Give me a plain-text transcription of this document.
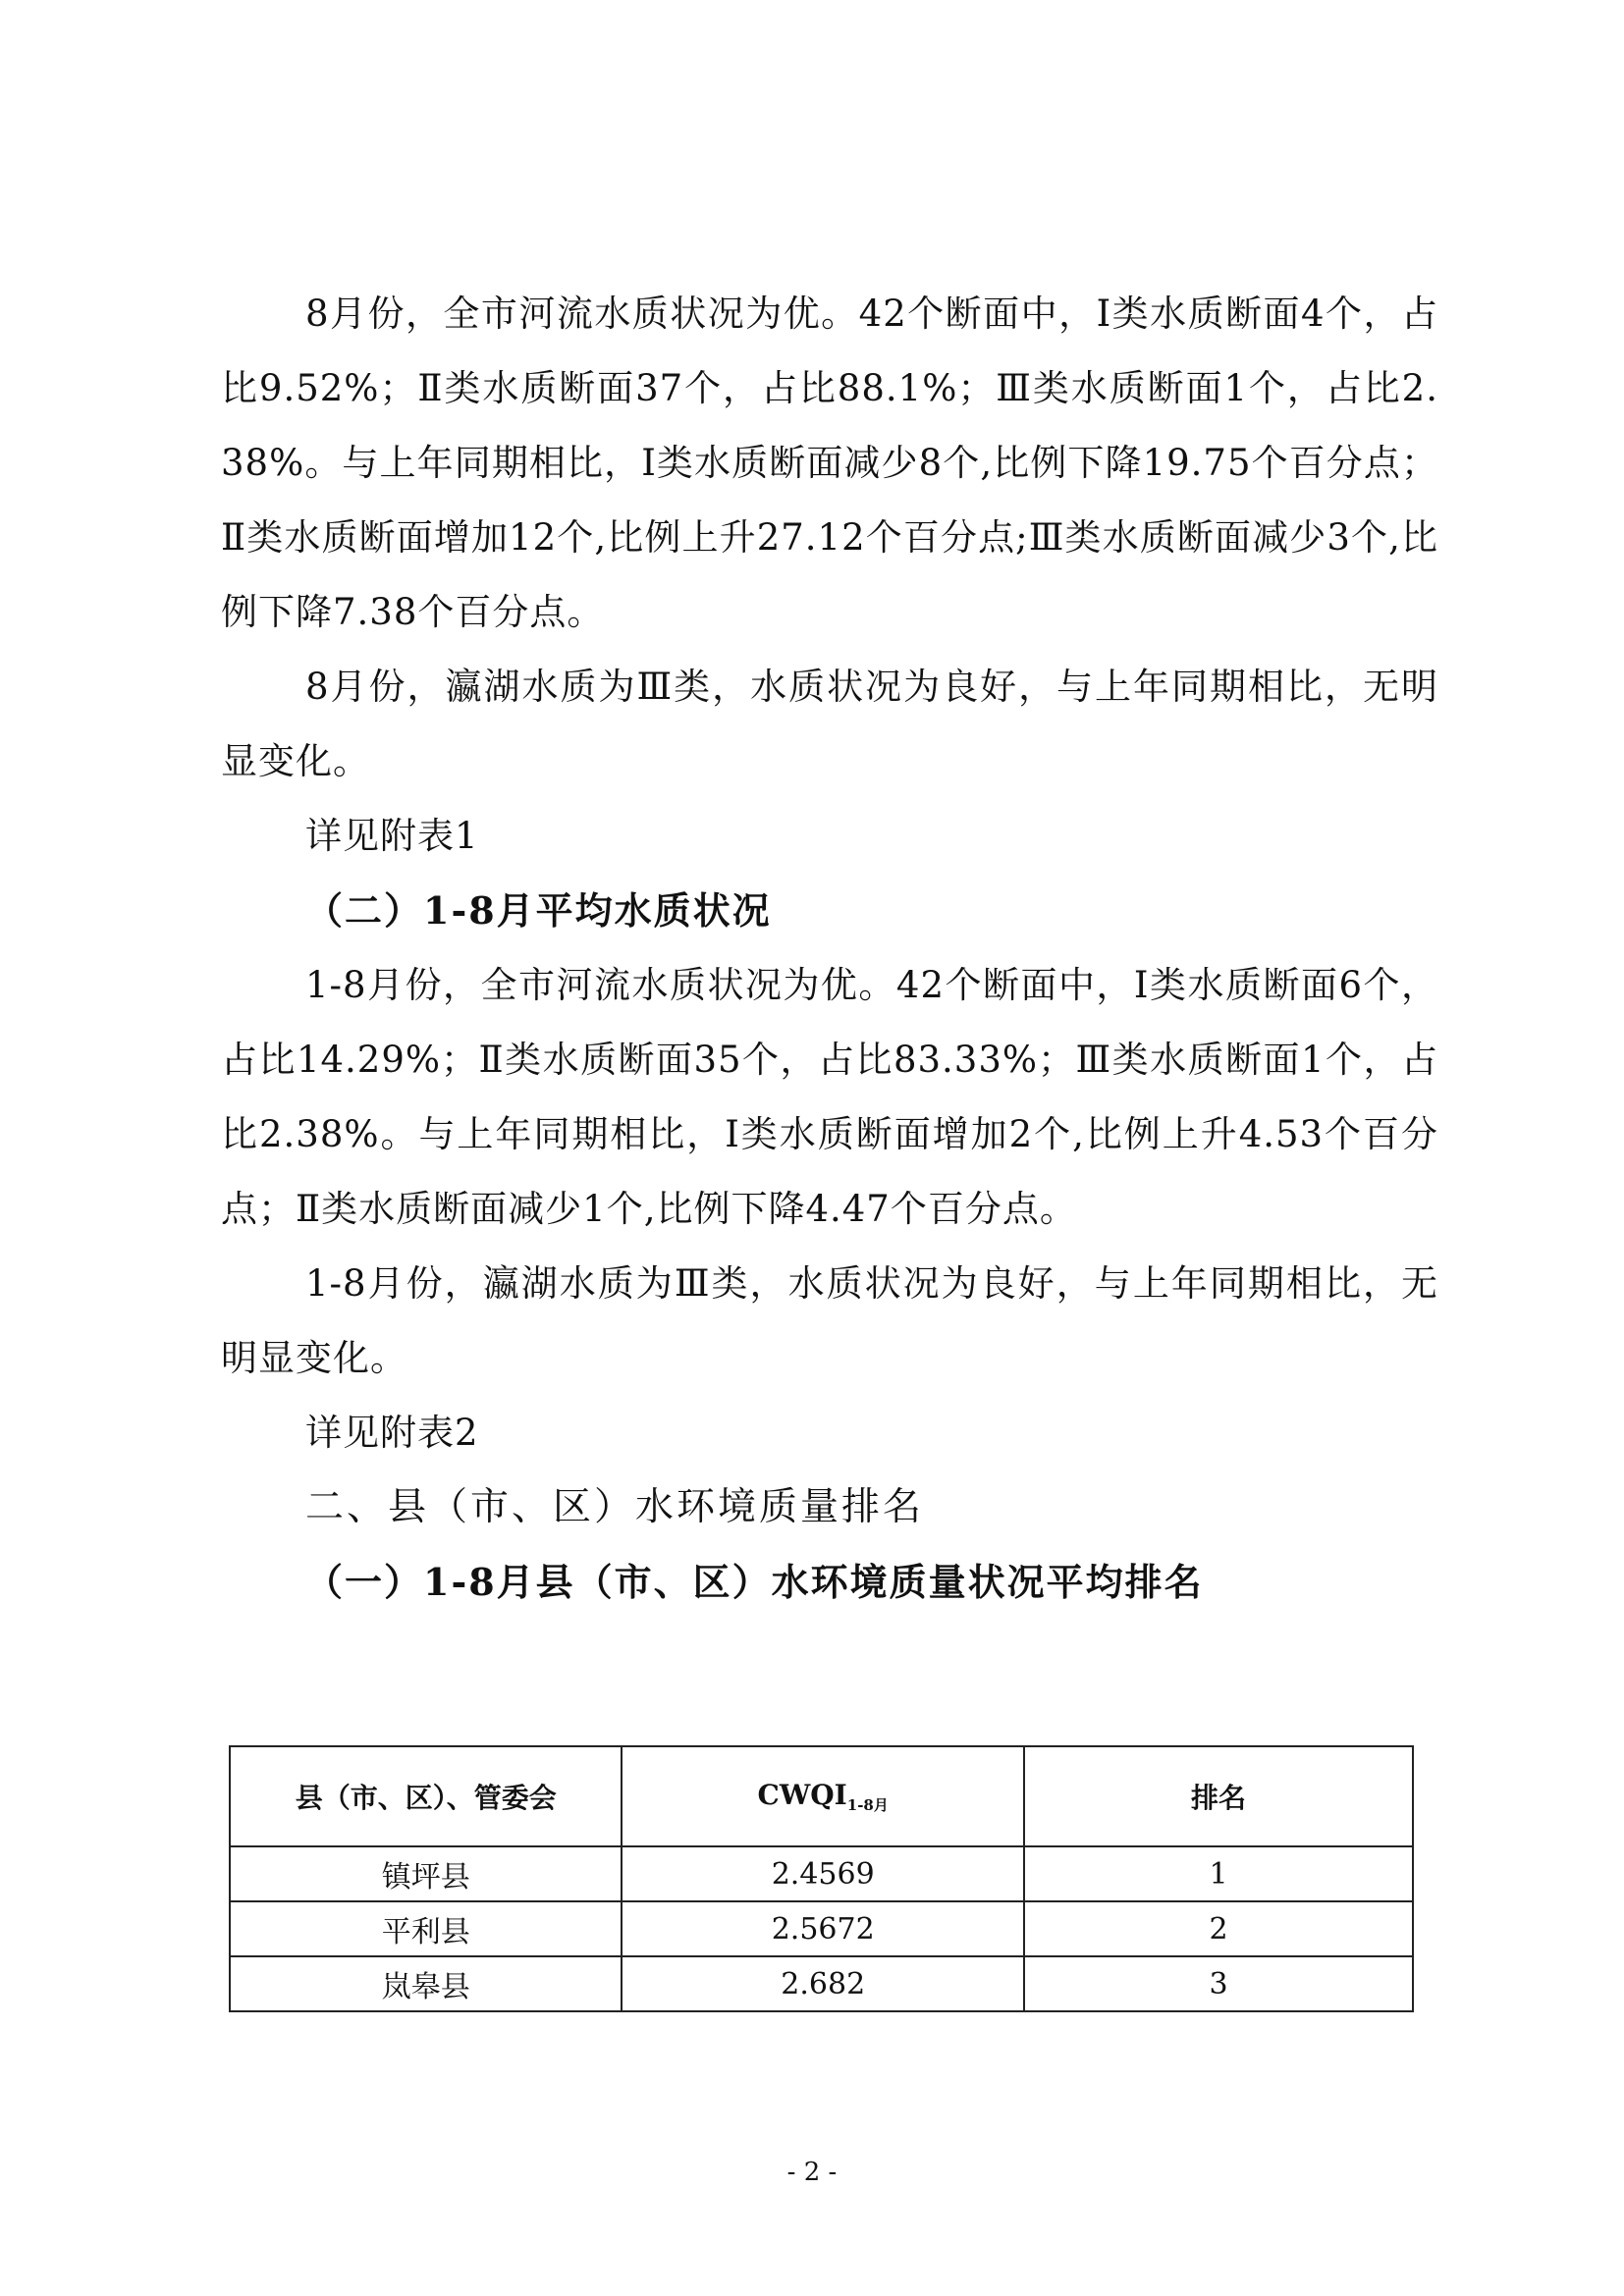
8月份，全市河流水质状况为优。42个断面中，Ⅰ类水质断面4个，占比9.52%；Ⅱ类水质断面37个，占比88.1%；Ⅲ类水质断面1个，占比2.38%。与上年同期相比，Ⅰ类水质断面减少8个,比例下降19.75个百分点；Ⅱ类水质断面增加12个,比例上升27.12个百分点;Ⅲ类水质断面减少3个,比例下降7.38个百分点。

8月份，瀛湖水质为Ⅲ类，水质状况为良好，与上年同期相比，无明显变化。

详见附表1

（二）1-8月平均水质状况

1-8月份，全市河流水质状况为优。42个断面中，Ⅰ类水质断面6个，占比14.29%；Ⅱ类水质断面35个，占比83.33%；Ⅲ类水质断面1个，占比2.38%。与上年同期相比，Ⅰ类水质断面增加2个,比例上升4.53个百分点；Ⅱ类水质断面减少1个,比例下降4.47个百分点。

1-8月份，瀛湖水质为Ⅲ类，水质状况为良好，与上年同期相比，无明显变化。

详见附表2

二、县（市、区）水环境质量排名

（一）1-8月县（市、区）水环境质量状况平均排名

县（市、区）、管委会	$CWQI_{1-8月}$	排名
镇坪县	2.4569	1
平利县	2.5672	2
岚皋县	2.682	3
- 2 -
